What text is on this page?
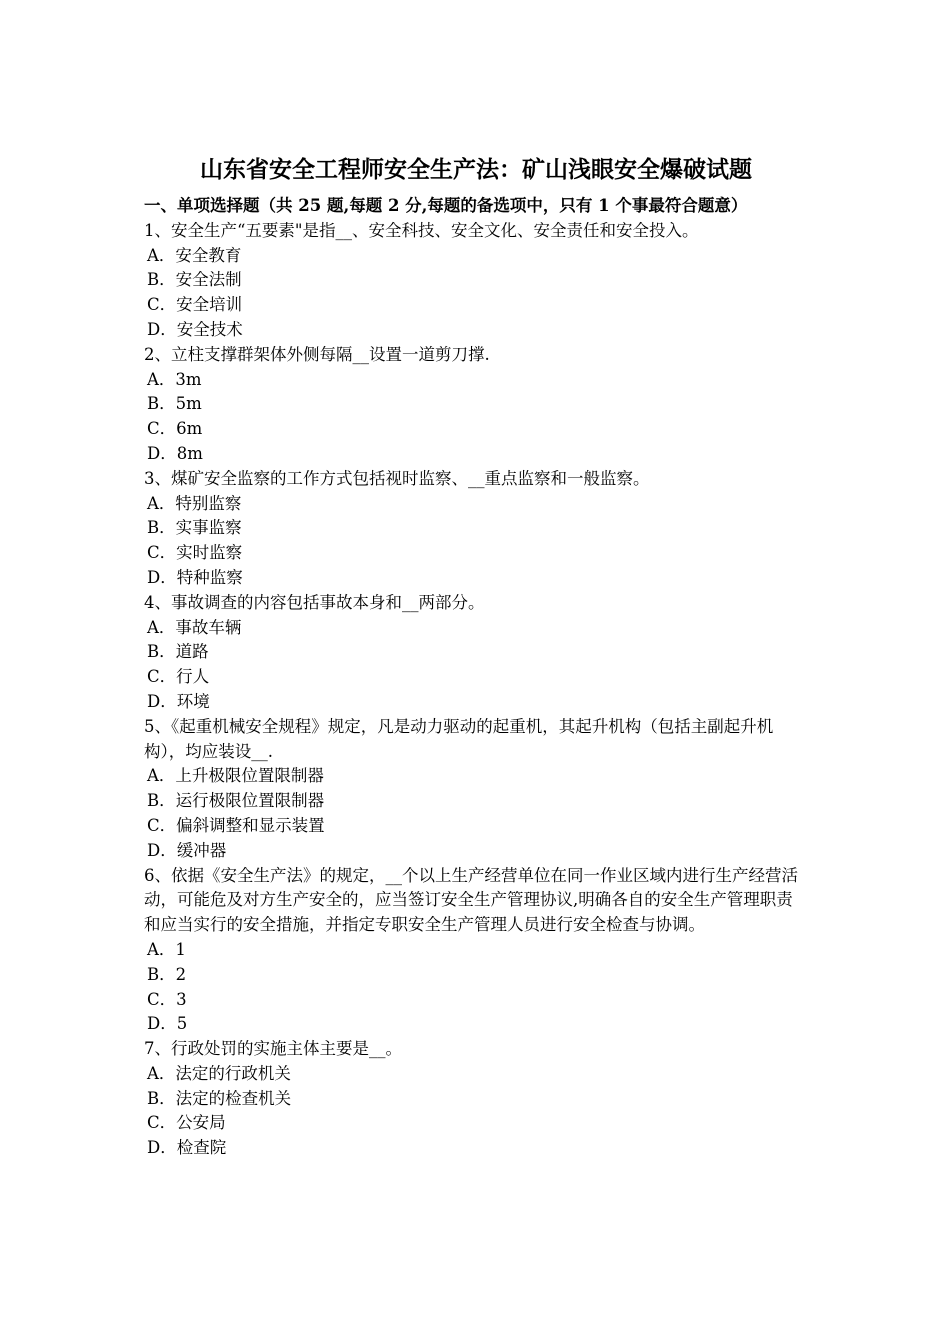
山东省安全工程师安全生产法：矿山浅眼安全爆破试题
一、单项选择题（共 25 题,每题 2 分,每题的备选项中，只有 1 个事最符合题意）
1、安全生产“五要素"是指__、安全科技、安全文化、安全责任和安全投入。
A．安全教育
B．安全法制
C．安全培训
D．安全技术
2、立柱支撑群架体外侧每隔__设置一道剪刀撑.
A．3m
B．5m
C．6m
D．8m
3、煤矿安全监察的工作方式包括视时监察、__重点监察和一般监察。
A．特别监察
B．实事监察
C．实时监察
D．特种监察
4、事故调查的内容包括事故本身和__两部分。
A．事故车辆
B．道路
C．行人
D．环境
5、《起重机械安全规程》规定，凡是动力驱动的起重机，其起升机构（包括主副起升机构），均应装设__.
A．上升极限位置限制器
B．运行极限位置限制器
C．偏斜调整和显示装置
D．缓冲器
6、依据《安全生产法》的规定，__个以上生产经营单位在同一作业区域内进行生产经营活动，可能危及对方生产安全的，应当签订安全生产管理协议,明确各自的安全生产管理职责和应当实行的安全措施，并指定专职安全生产管理人员进行安全检查与协调。
A．1
B．2
C．3
D．5
7、行政处罚的实施主体主要是__。
A．法定的行政机关
B．法定的检查机关
C．公安局
D．检查院
